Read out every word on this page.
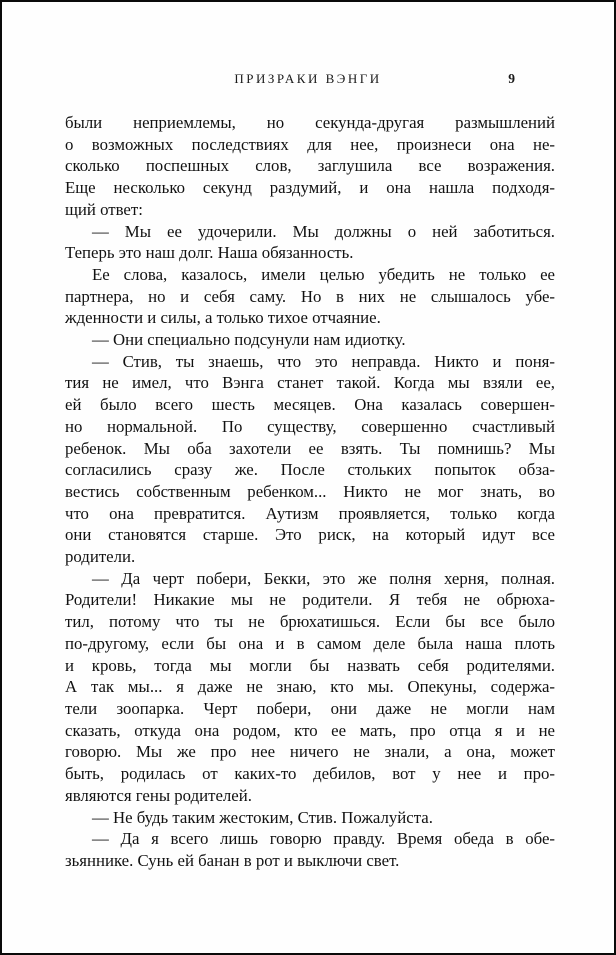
ПРИЗРАКИ ВЭНГИ	9
были неприемлемы, но секунда-другая размышлений
о возможных последствиях для нее, произнеси она не-
сколько поспешных слов, заглушила все возражения.
Еще несколько секунд раздумий, и она нашла подходя-
щий ответ:
— Мы ее удочерили. Мы должны о ней заботиться.
Теперь это наш долг. Наша обязанность.
Ее слова, казалось, имели целью убедить не только ее
партнера, но и себя саму. Но в них не слышалось убе-
жденности и силы, а только тихое отчаяние.
— Они специально подсунули нам идиотку.
— Стив, ты знаешь, что это неправда. Никто и поня-
тия не имел, что Вэнга станет такой. Когда мы взяли ее,
ей было всего шесть месяцев. Она казалась совершен-
но нормальной. По существу, совершенно счастливый
ребенок. Мы оба захотели ее взять. Ты помнишь? Мы
согласились сразу же. После стольких попыток обза-
вестись собственным ребенком... Никто не мог знать, во
что она превратится. Аутизм проявляется, только когда
они становятся старше. Это риск, на который идут все
родители.
— Да черт побери, Бекки, это же полня херня, полная.
Родители! Никакие мы не родители. Я тебя не обрюха-
тил, потому что ты не брюхатишься. Если бы все было
по-другому, если бы она и в самом деле была наша плоть
и кровь, тогда мы могли бы назвать себя родителями.
А так мы... я даже не знаю, кто мы. Опекуны, содержа-
тели зоопарка. Черт побери, они даже не могли нам
сказать, откуда она родом, кто ее мать, про отца я и не
говорю. Мы же про нее ничего не знали, а она, может
быть, родилась от каких-то дебилов, вот у нее и про-
являются гены родителей.
— Не будь таким жестоким, Стив. Пожалуйста.
— Да я всего лишь говорю правду. Время обеда в обе-
зьяннике. Сунь ей банан в рот и выключи свет.
